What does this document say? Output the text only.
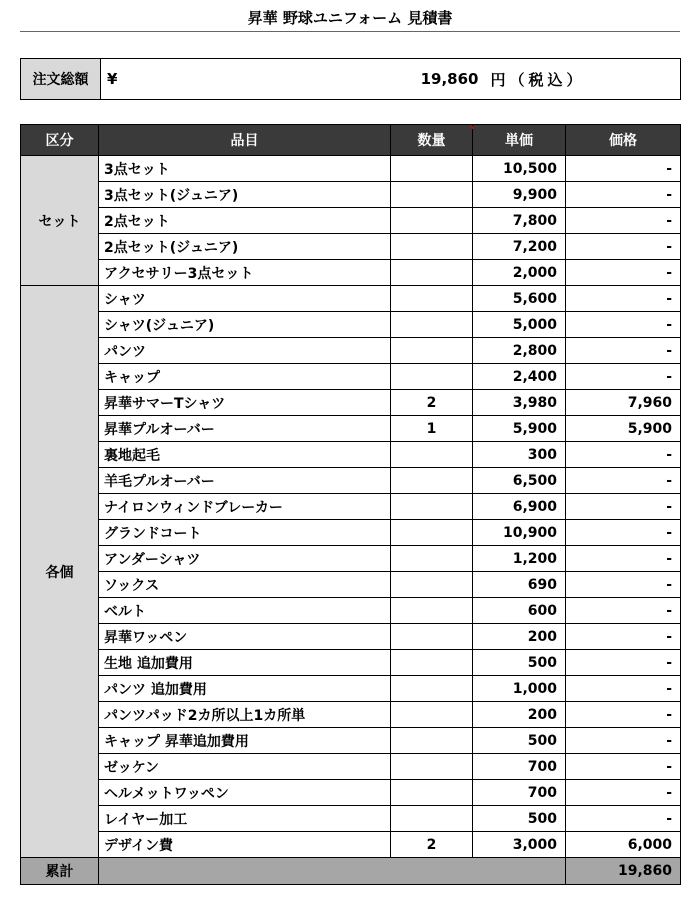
昇華 野球ユニフォーム 見積書
注文総額	¥	19,860	円（税込）
区分	品目	数量	単価	価格
セット	3点セット		10,500	-
	3点セット(ジュニア)		9,900	-
	2点セット		7,800	-
	2点セット(ジュニア)		7,200	-
	アクセサリー3点セット		2,000	-
各個	シャツ		5,600	-
	シャツ(ジュニア)		5,000	-
	パンツ		2,800	-
	キャップ		2,400	-
	昇華サマーTシャツ	2	3,980	7,960
	昇華プルオーバー	1	5,900	5,900
	裏地起毛		300	-
	羊毛プルオーバー		6,500	-
	ナイロンウィンドブレーカー		6,900	-
	グランドコート		10,900	-
	アンダーシャツ		1,200	-
	ソックス		690	-
	ベルト		600	-
	昇華ワッペン		200	-
	生地 追加費用		500	-
	パンツ 追加費用		1,000	-
	パンツパッド2カ所以上1カ所単		200	-
	キャップ 昇華追加費用		500	-
	ゼッケン		700	-
	ヘルメットワッペン		700	-
	レイヤー加工		500	-
	デザイン費	2	3,000	6,000
累計				19,860
